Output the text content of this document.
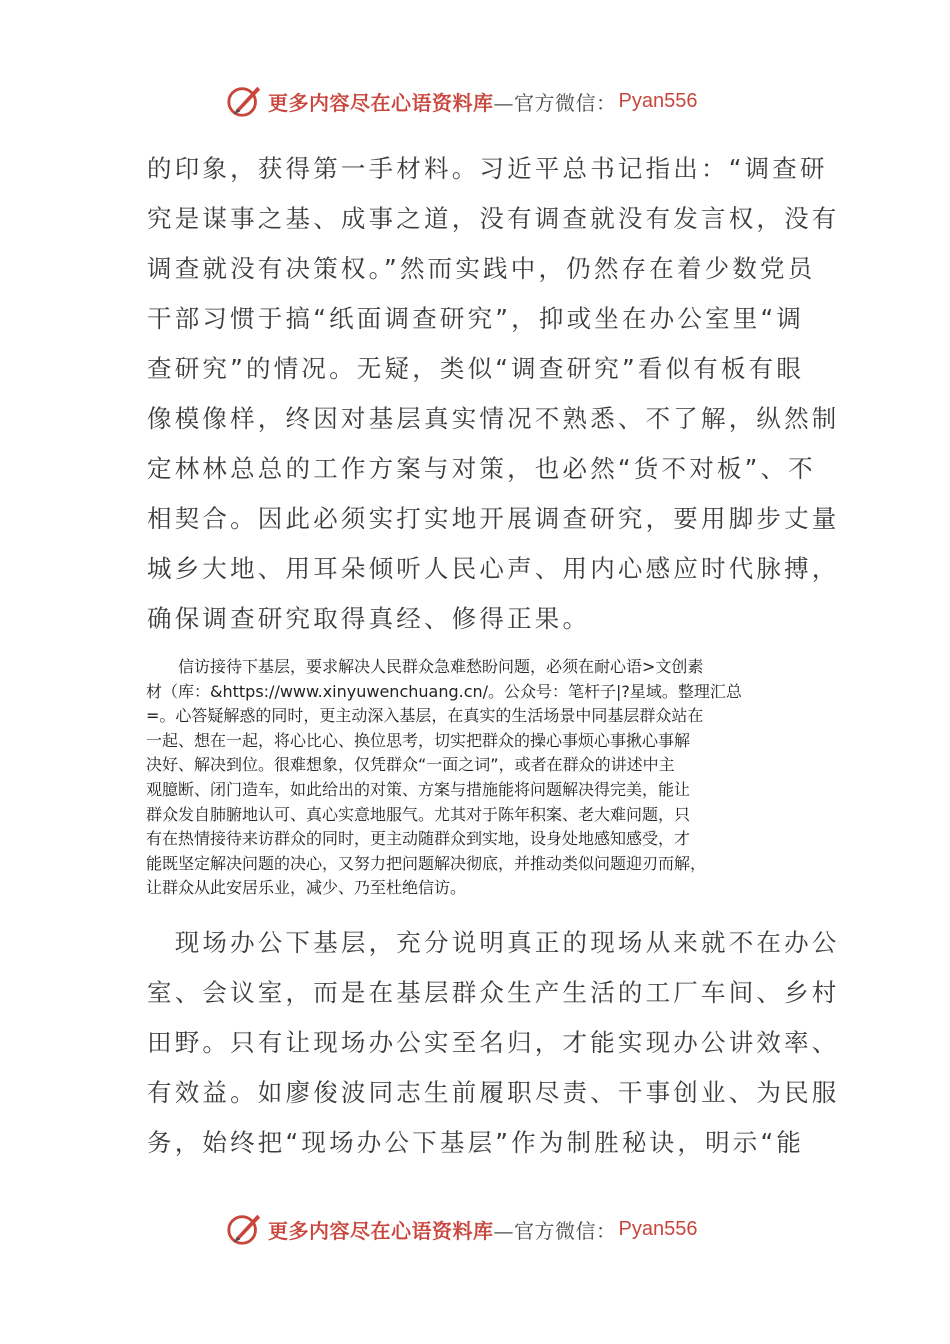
更多内容尽在心语资料库 —官方微信： Pyan556
的印象，获得第一手材料。习近平总书记指出：“调查研
究是谋事之基、成事之道，没有调查就没有发言权，没有
调查就没有决策权。”然而实践中，仍然存在着少数党员
干部习惯于搞“纸面调查研究”，抑或坐在办公室里“调
查研究”的情况。无疑，类似“调查研究”看似有板有眼
像模像样，终因对基层真实情况不熟悉、不了解，纵然制
定林林总总的工作方案与对策，也必然“货不对板”、不
相契合。因此必须实打实地开展调查研究，要用脚步丈量
城乡大地、用耳朵倾听人民心声、用内心感应时代脉搏，
确保调查研究取得真经、修得正果。
　　信访接待下基层，要求解决人民群众急难愁盼问题，必须在耐心语>文创素
材（库：&https://www.xinyuwenchuang.cn/。公众号：笔杆子|?星域。整理汇总
=。心答疑解惑的同时，更主动深入基层，在真实的生活场景中同基层群众站在
一起、想在一起，将心比心、换位思考，切实把群众的操心事烦心事揪心事解
决好、解决到位。很难想象，仅凭群众“一面之词”，或者在群众的讲述中主
观臆断、闭门造车，如此给出的对策、方案与措施能将问题解决得完美，能让
群众发自肺腑地认可、真心实意地服气。尤其对于陈年积案、老大难问题，只
有在热情接待来访群众的同时，更主动随群众到实地，设身处地感知感受，才
能既坚定解决问题的决心，又努力把问题解决彻底，并推动类似问题迎刃而解，
让群众从此安居乐业，减少、乃至杜绝信访。
　现场办公下基层，充分说明真正的现场从来就不在办公
室、会议室，而是在基层群众生产生活的工厂车间、乡村
田野。只有让现场办公实至名归，才能实现办公讲效率、
有效益。如廖俊波同志生前履职尽责、干事创业、为民服
务，始终把“现场办公下基层”作为制胜秘诀，明示“能
更多内容尽在心语资料库 —官方微信： Pyan556
